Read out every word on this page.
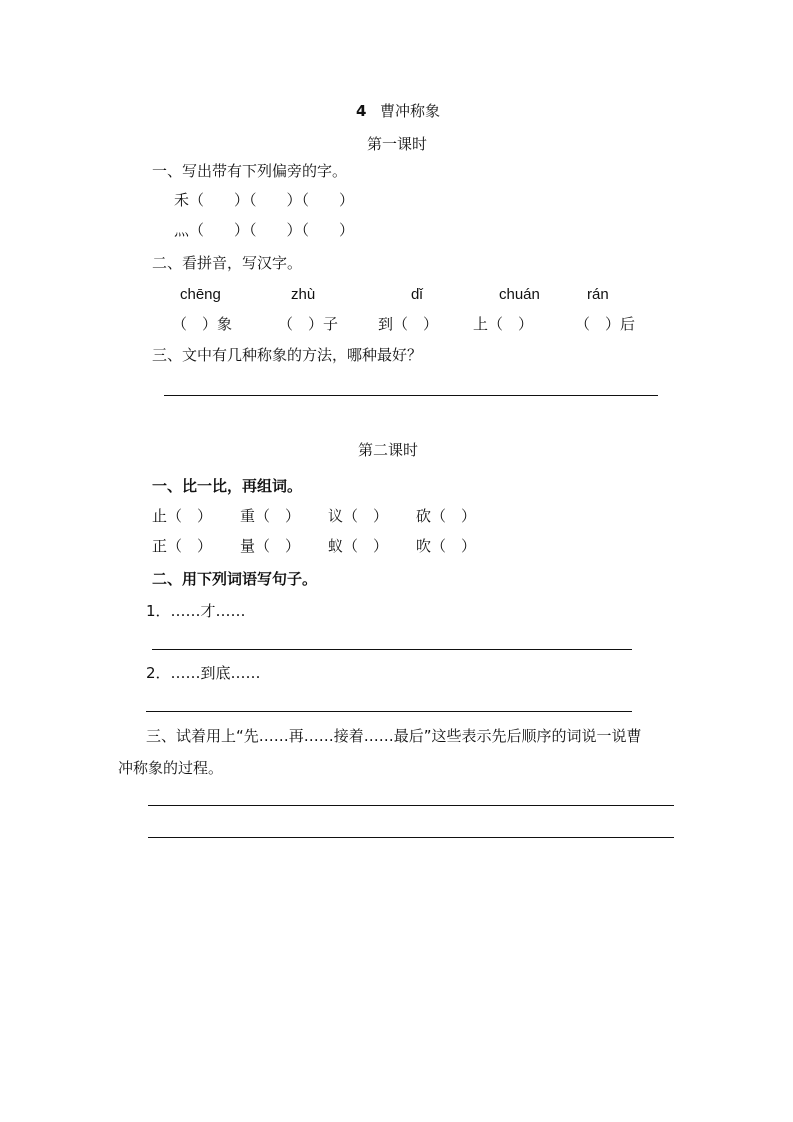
4 曹冲称象
第一课时
一、写出带有下列偏旁的字。
禾（　　）（　　）（　　）
灬（　　）（　　）（　　）
二、看拼音，写汉字。
chēng	zhù	dǐ	chuán	rán
（　）象	（　）子	到（　） 上（　）	（　）后
三、文中有几种称象的方法，哪种最好？
第二课时
一、比一比，再组词。
止（　） 重（　） 议（　） 砍（　）
正（　） 量（　） 蚁（　） 吹（　）
二、用下列词语写句子。
1．……才……
2．……到底……
三、试着用上“先……再……接着……最后”这些表示先后顺序的词说一说曹
冲称象的过程。
